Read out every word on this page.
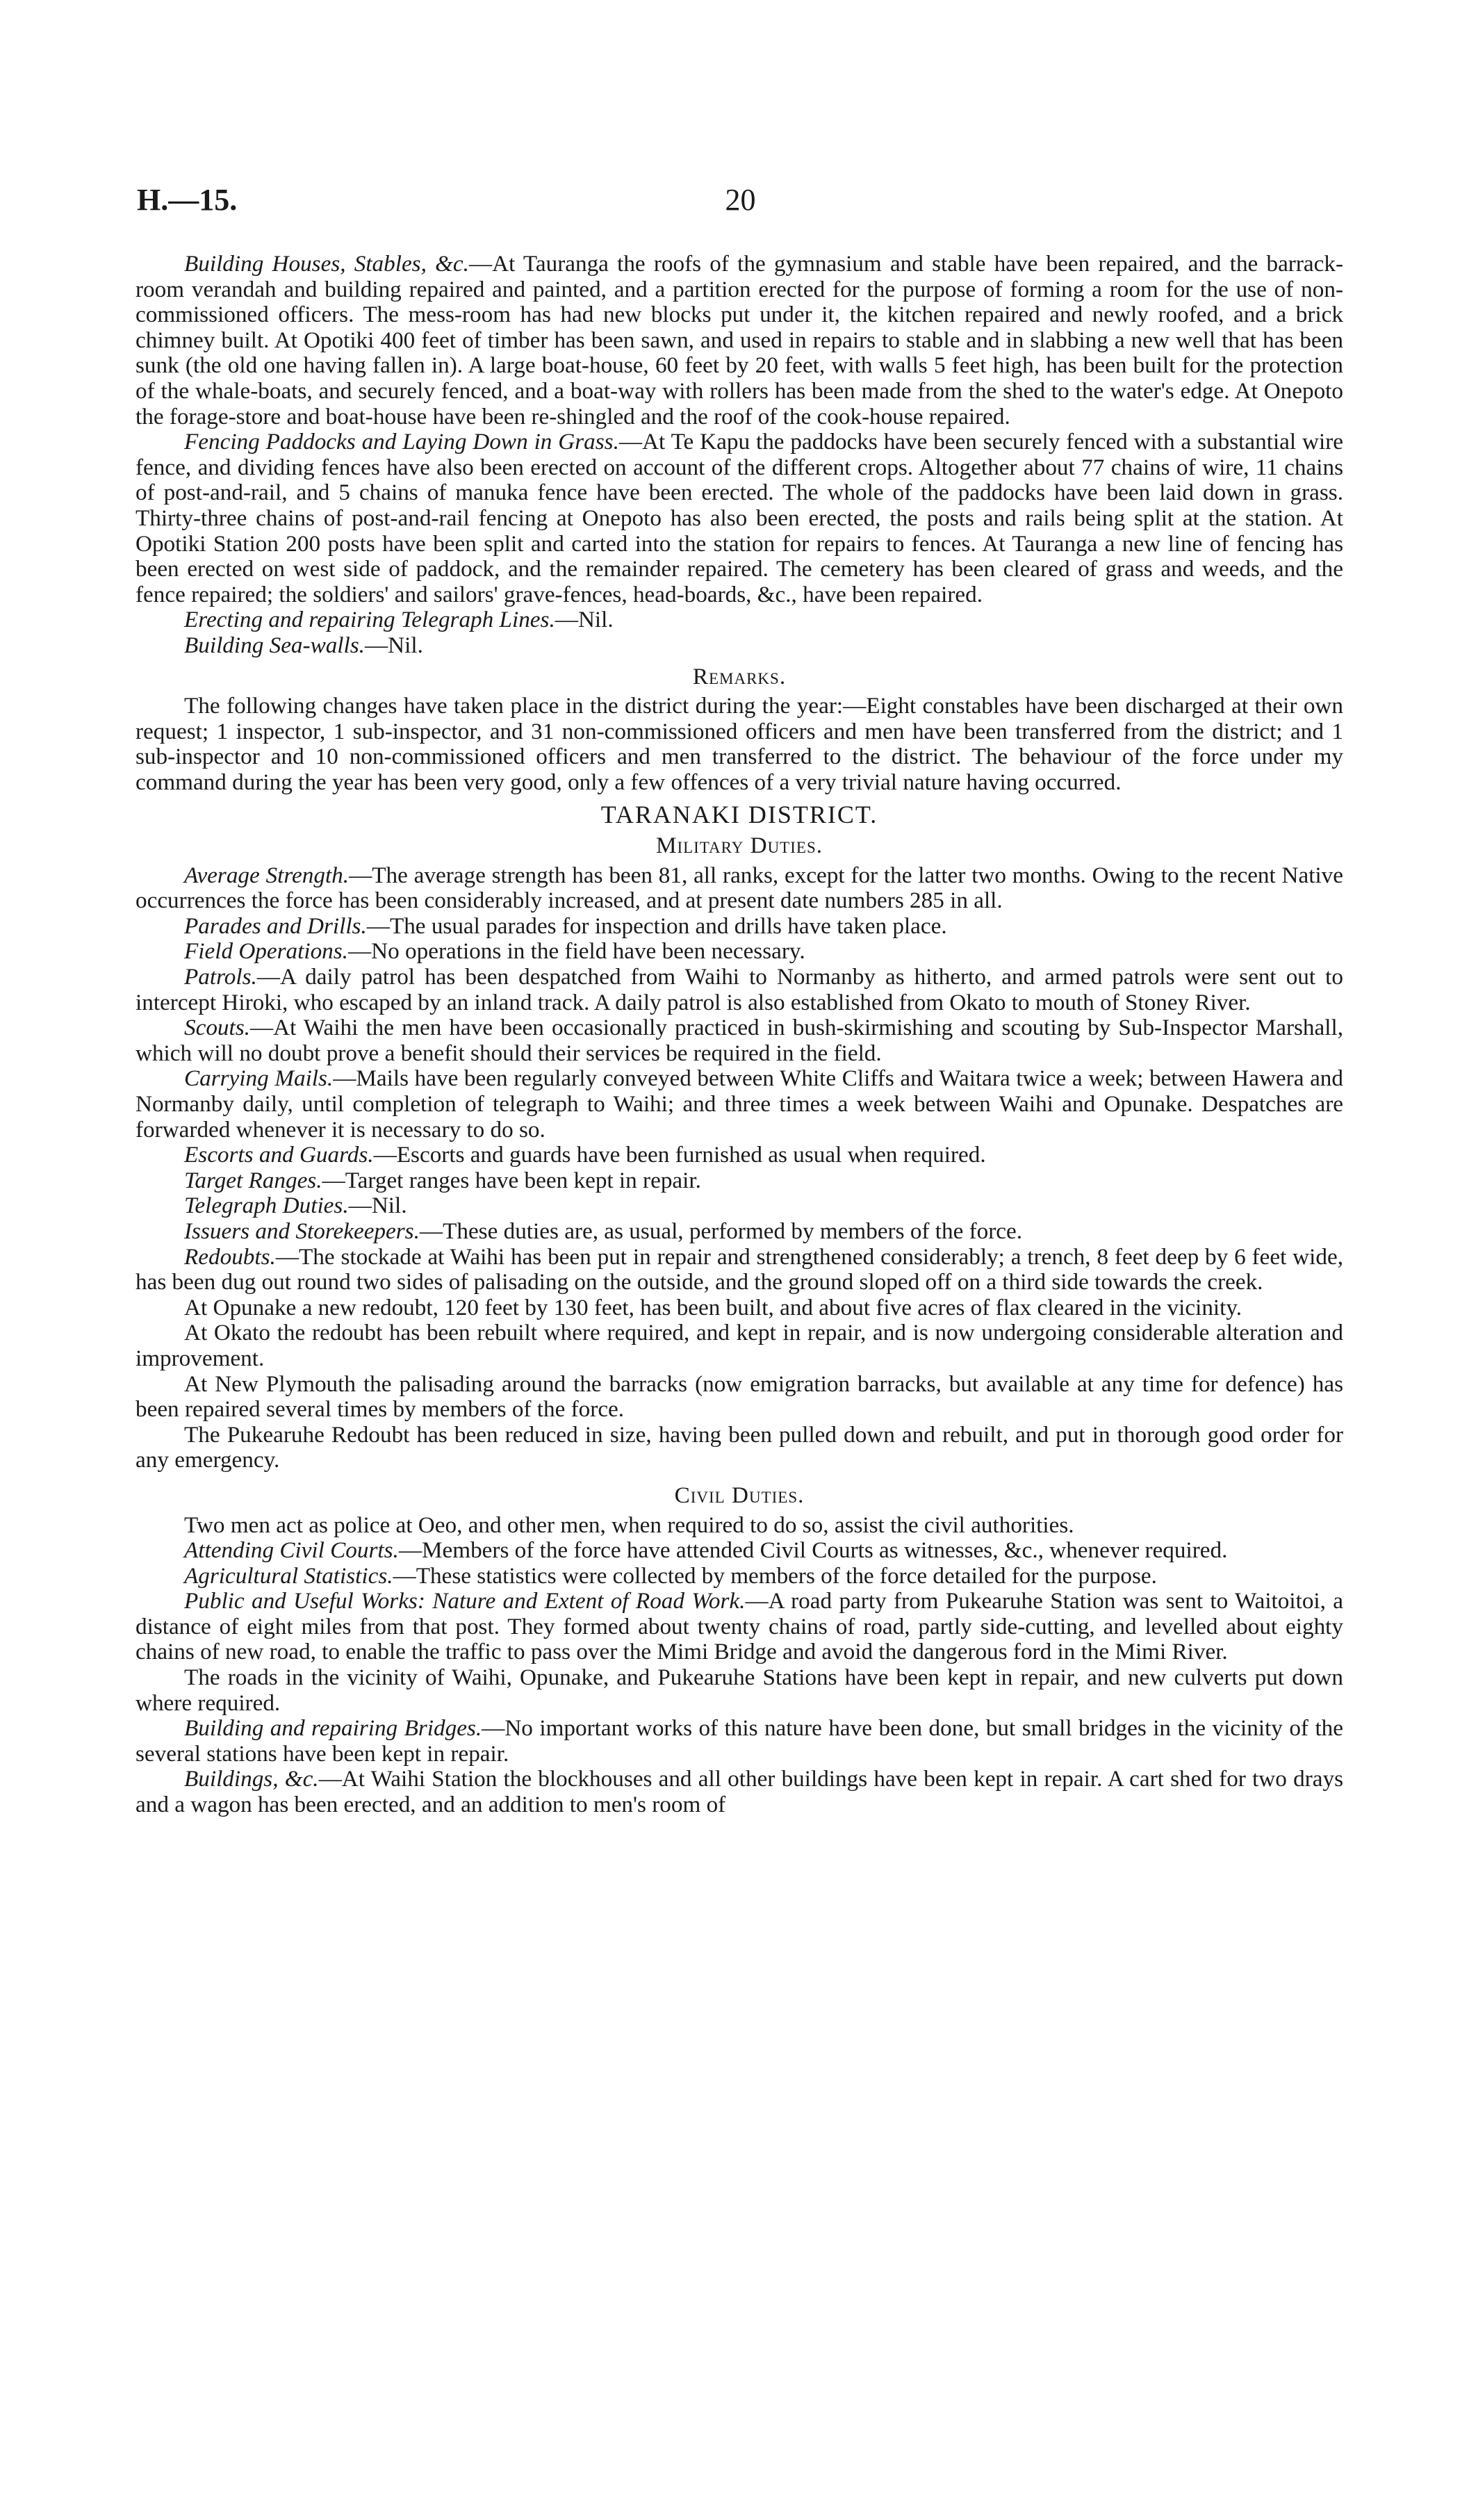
H.—15.	20

Building Houses, Stables, &c.—At Tauranga the roofs of the gymnasium and stable have been repaired, and the barrack-room verandah and building repaired and painted, and a partition erected for the purpose of forming a room for the use of non-commissioned officers. The mess-room has had new blocks put under it, the kitchen repaired and newly roofed, and a brick chimney built. At Opotiki 400 feet of timber has been sawn, and used in repairs to stable and in slabbing a new well that has been sunk (the old one having fallen in). A large boat-house, 60 feet by 20 feet, with walls 5 feet high, has been built for the protection of the whale-boats, and securely fenced, and a boat-way with rollers has been made from the shed to the water's edge. At Onepoto the forage-store and boat-house have been re-shingled and the roof of the cook-house repaired.

Fencing Paddocks and Laying Down in Grass.—At Te Kapu the paddocks have been securely fenced with a substantial wire fence, and dividing fences have also been erected on account of the different crops. Altogether about 77 chains of wire, 11 chains of post-and-rail, and 5 chains of manuka fence have been erected. The whole of the paddocks have been laid down in grass. Thirty-three chains of post-and-rail fencing at Onepoto has also been erected, the posts and rails being split at the station. At Opotiki Station 200 posts have been split and carted into the station for repairs to fences. At Tauranga a new line of fencing has been erected on west side of paddock, and the remainder repaired. The cemetery has been cleared of grass and weeds, and the fence repaired; the soldiers' and sailors' grave-fences, head-boards, &c., have been repaired.

Erecting and repairing Telegraph Lines.—Nil.

Building Sea-walls.—Nil.

Remarks.

The following changes have taken place in the district during the year:—Eight constables have been discharged at their own request; 1 inspector, 1 sub-inspector, and 31 non-commissioned officers and men have been transferred from the district; and 1 sub-inspector and 10 non-commissioned officers and men transferred to the district. The behaviour of the force under my command during the year has been very good, only a few offences of a very trivial nature having occurred.

TARANAKI DISTRICT.

Military Duties.

Average Strength.—The average strength has been 81, all ranks, except for the latter two months. Owing to the recent Native occurrences the force has been considerably increased, and at present date numbers 285 in all.

Parades and Drills.—The usual parades for inspection and drills have taken place.

Field Operations.—No operations in the field have been necessary.

Patrols.—A daily patrol has been despatched from Waihi to Normanby as hitherto, and armed patrols were sent out to intercept Hiroki, who escaped by an inland track. A daily patrol is also established from Okato to mouth of Stoney River.

Scouts.—At Waihi the men have been occasionally practiced in bush-skirmishing and scouting by Sub-Inspector Marshall, which will no doubt prove a benefit should their services be required in the field.

Carrying Mails.—Mails have been regularly conveyed between White Cliffs and Waitara twice a week; between Hawera and Normanby daily, until completion of telegraph to Waihi; and three times a week between Waihi and Opunake. Despatches are forwarded whenever it is necessary to do so.

Escorts and Guards.—Escorts and guards have been furnished as usual when required.

Target Ranges.—Target ranges have been kept in repair.

Telegraph Duties.—Nil.

Issuers and Storekeepers.—These duties are, as usual, performed by members of the force.

Redoubts.—The stockade at Waihi has been put in repair and strengthened considerably; a trench, 8 feet deep by 6 feet wide, has been dug out round two sides of palisading on the outside, and the ground sloped off on a third side towards the creek.

At Opunake a new redoubt, 120 feet by 130 feet, has been built, and about five acres of flax cleared in the vicinity.

At Okato the redoubt has been rebuilt where required, and kept in repair, and is now undergoing considerable alteration and improvement.

At New Plymouth the palisading around the barracks (now emigration barracks, but available at any time for defence) has been repaired several times by members of the force.

The Pukearuhe Redoubt has been reduced in size, having been pulled down and rebuilt, and put in thorough good order for any emergency.

Civil Duties.

Two men act as police at Oeo, and other men, when required to do so, assist the civil authorities.

Attending Civil Courts.—Members of the force have attended Civil Courts as witnesses, &c., whenever required.

Agricultural Statistics.—These statistics were collected by members of the force detailed for the purpose.

Public and Useful Works: Nature and Extent of Road Work.—A road party from Pukearuhe Station was sent to Waitoitoi, a distance of eight miles from that post. They formed about twenty chains of road, partly side-cutting, and levelled about eighty chains of new road, to enable the traffic to pass over the Mimi Bridge and avoid the dangerous ford in the Mimi River.

The roads in the vicinity of Waihi, Opunake, and Pukearuhe Stations have been kept in repair, and new culverts put down where required.

Building and repairing Bridges.—No important works of this nature have been done, but small bridges in the vicinity of the several stations have been kept in repair.

Buildings, &c.—At Waihi Station the blockhouses and all other buildings have been kept in repair. A cart shed for two drays and a wagon has been erected, and an addition to men's room of
